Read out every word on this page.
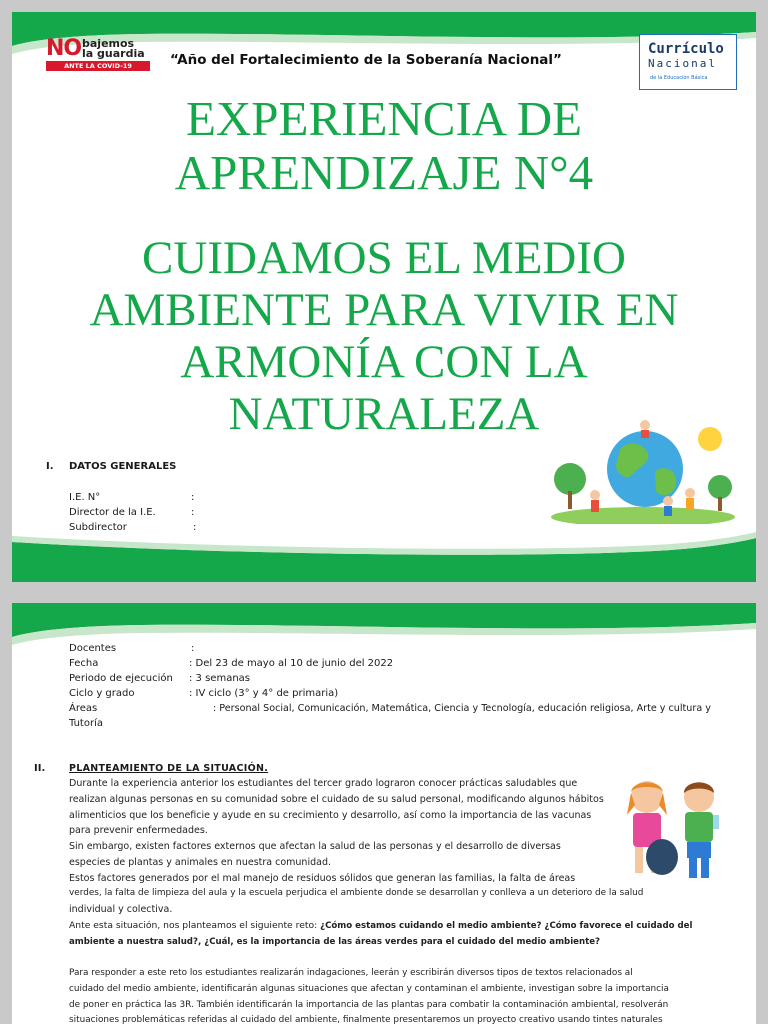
NO bajemos
la guardia
ANTE LA COVID-19	“Año del Fortalecimiento de la Soberanía Nacional”
Currículo
Nacional
de la Educación Básica
EXPERIENCIA DE
APRENDIZAJE N°4
CUIDAMOS EL MEDIO
AMBIENTE PARA VIVIR EN
ARMONÍA CON LA
NATURALEZA
I. DATOS GENERALES
I.E. N°	:
Director de la I.E.	:
Subdirector	:
Docentes	:
Fecha	: Del 23 de mayo al 10 de junio del 2022
Periodo de ejecución : 3 semanas
Ciclo y grado	: IV ciclo (3° y 4° de primaria)
Áreas	: Personal Social, Comunicación, Matemática, Ciencia y Tecnología, educación religiosa, Arte y cultura y
Tutoría
II.	PLANTEAMIENTO DE LA SITUACIÓN.
Durante la experiencia anterior los estudiantes del tercer grado lograron conocer prácticas saludables que
realizan algunas personas en su comunidad sobre el cuidado de su salud personal, modificando algunos hábitos
alimenticios que los beneficie y ayude en su crecimiento y desarrollo, así como la importancia de las vacunas
para prevenir enfermedades.
Sin embargo, existen factores externos que afectan la salud de las personas y el desarrollo de diversas
especies de plantas y animales en nuestra comunidad.
Estos factores generados por el mal manejo de residuos sólidos que generan las familias, la falta de áreas
verdes, la falta de limpieza del aula y la escuela perjudica el ambiente donde se desarrollan y conlleva a un deterioro de la salud
individual y colectiva.
Ante esta situación, nos planteamos el siguiente reto: ¿Cómo estamos cuidando el medio ambiente? ¿Cómo favorece el cuidado del
ambiente a nuestra salud?, ¿Cuál, es la importancia de las áreas verdes para el cuidado del medio ambiente?
Para responder a este reto los estudiantes realizarán indagaciones, leerán y escribirán diversos tipos de textos relacionados al
cuidado del medio ambiente, identificarán algunas situaciones que afectan y contaminan el ambiente, investigan sobre la importancia
de poner en práctica las 3R. También identificarán la importancia de las plantas para combatir la contaminación ambiental, resolverán
situaciones problemáticas referidas al cuidado del ambiente, finalmente presentaremos un proyecto creativo usando tintes naturales
